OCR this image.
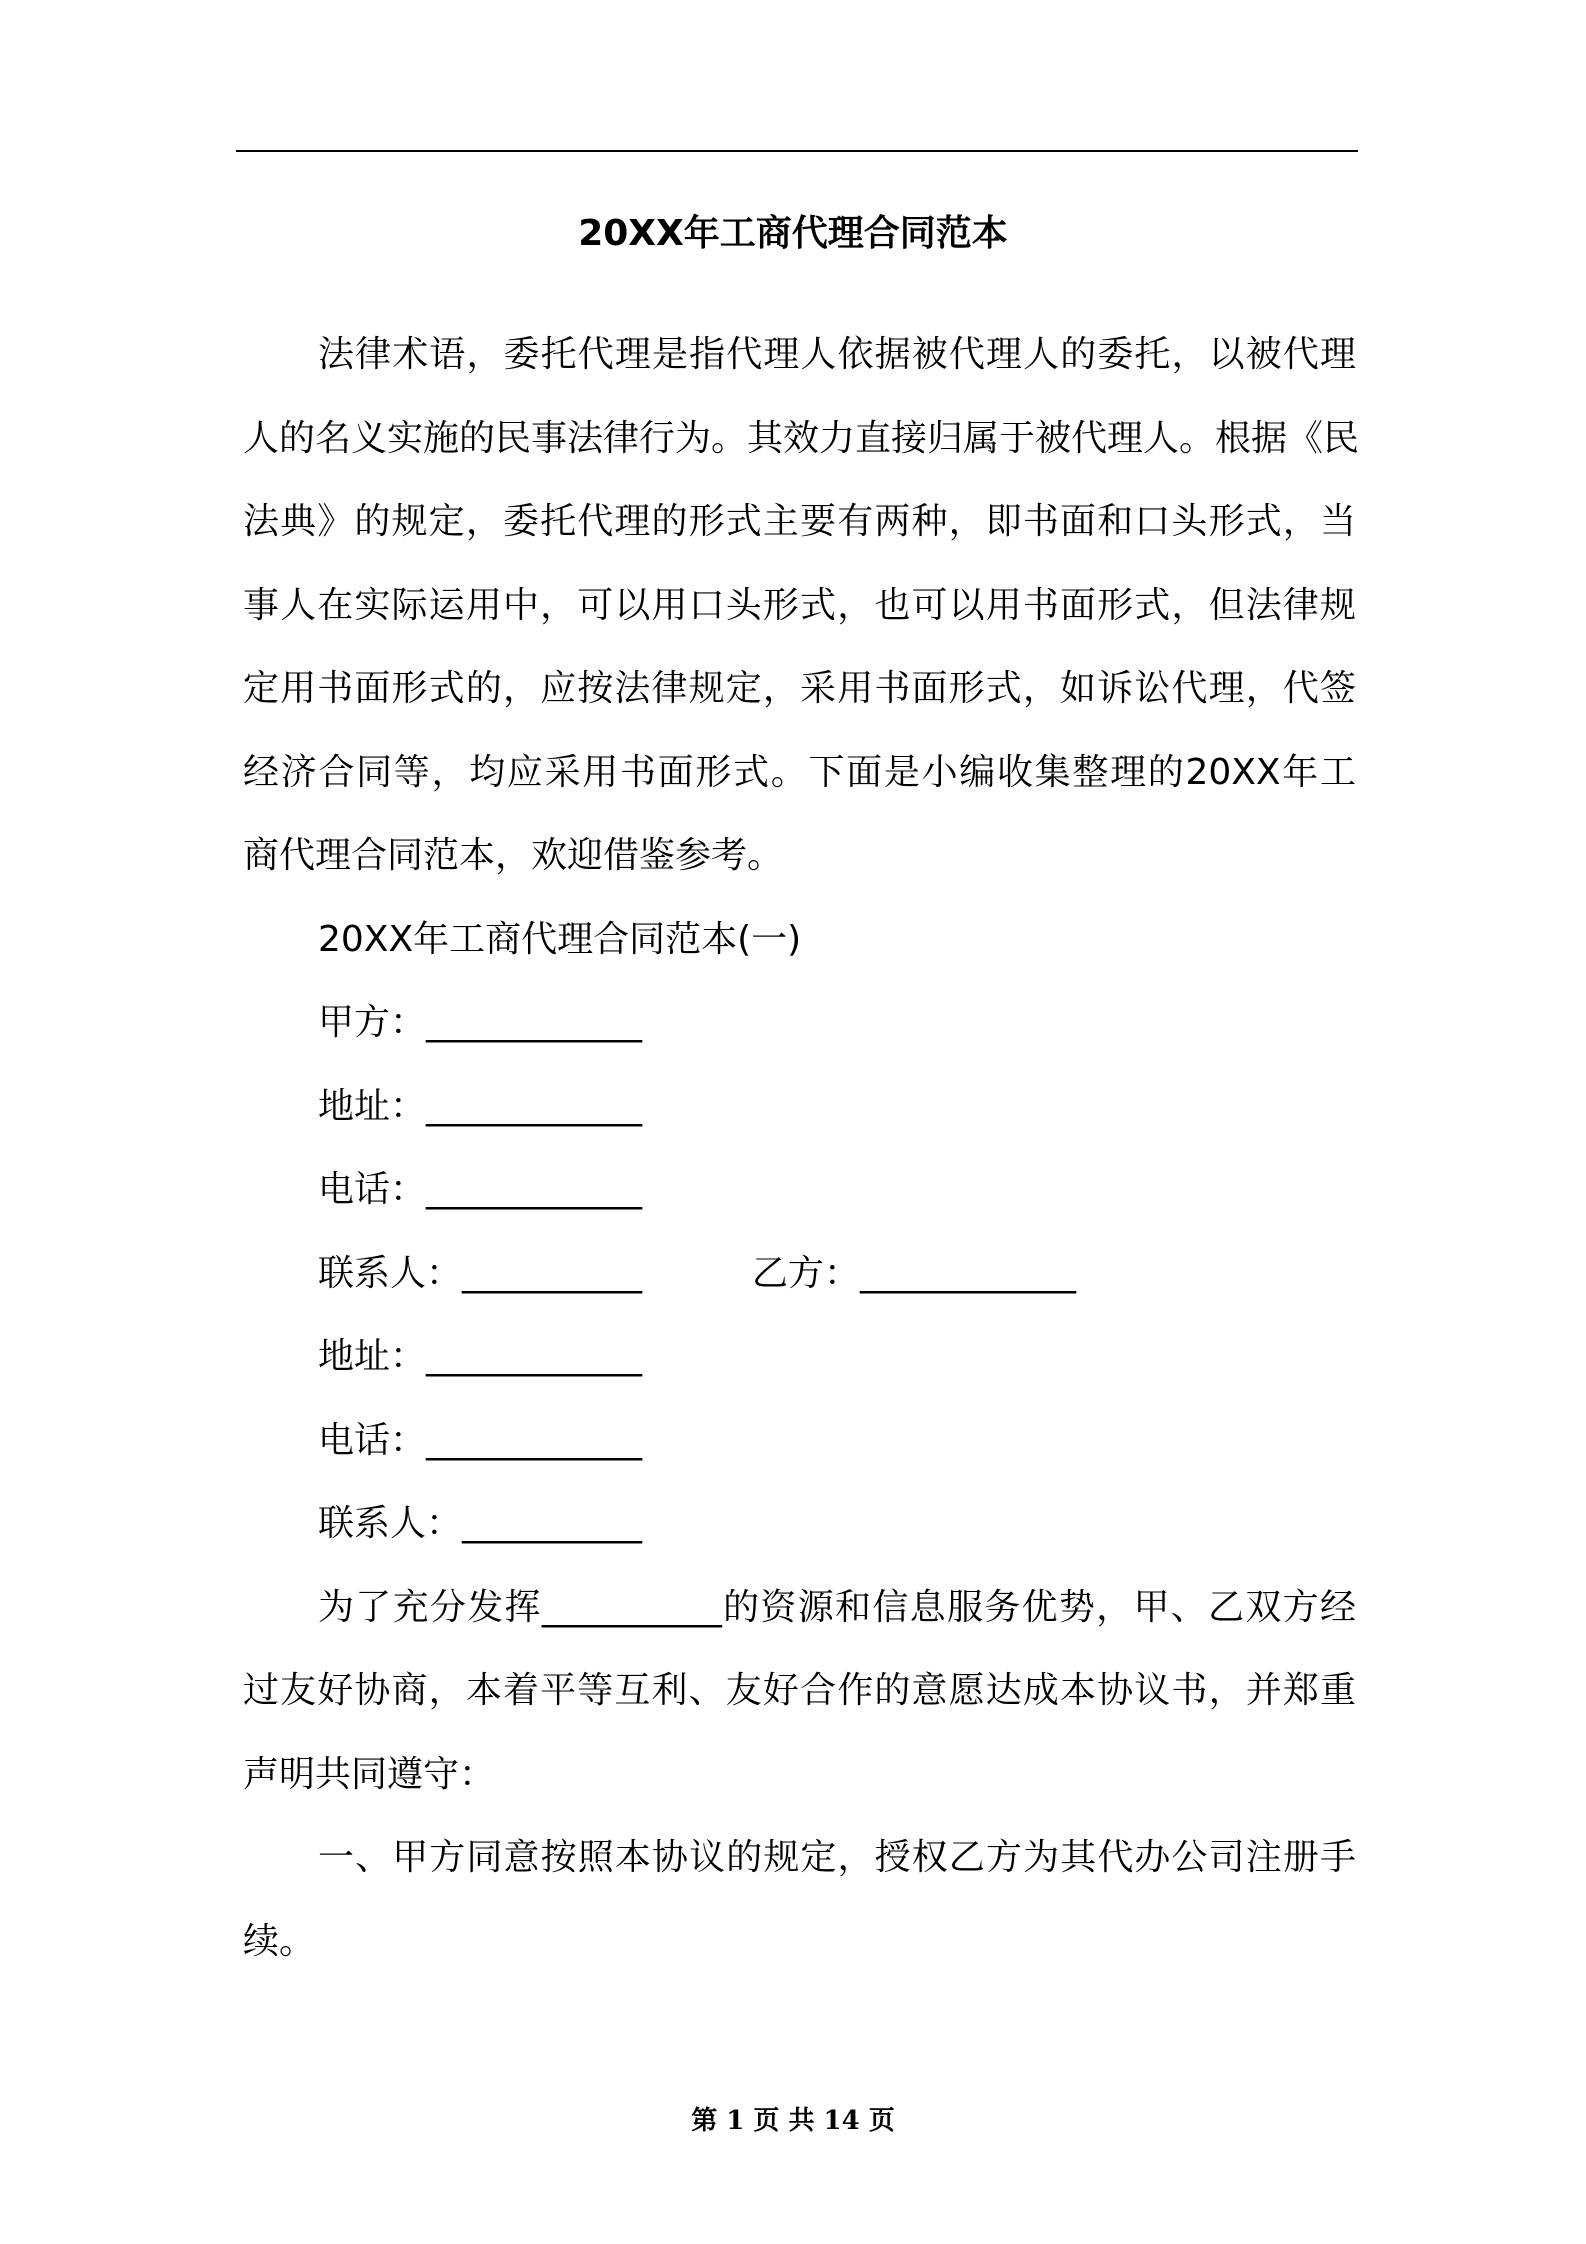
20XX年工商代理合同范本
法律术语，委托代理是指代理人依据被代理人的委托，以被代理
人的名义实施的民事法律行为。其效力直接归属于被代理人。根据《民
法典》的规定，委托代理的形式主要有两种，即书面和口头形式，当
事人在实际运用中，可以用口头形式，也可以用书面形式，但法律规
定用书面形式的，应按法律规定，采用书面形式，如诉讼代理，代签
经济合同等，均应采用书面形式。下面是小编收集整理的20XX年工
商代理合同范本，欢迎借鉴参考。
20XX年工商代理合同范本(一)
甲方：____________
地址：____________
电话：____________
联系人：__________	乙方：____________
地址：____________
电话：____________
联系人：__________
为了充分发挥__________的资源和信息服务优势，甲、乙双方经
过友好协商，本着平等互利、友好合作的意愿达成本协议书，并郑重
声明共同遵守：
一、甲方同意按照本协议的规定，授权乙方为其代办公司注册手
续。
第 1 页 共 14 页
